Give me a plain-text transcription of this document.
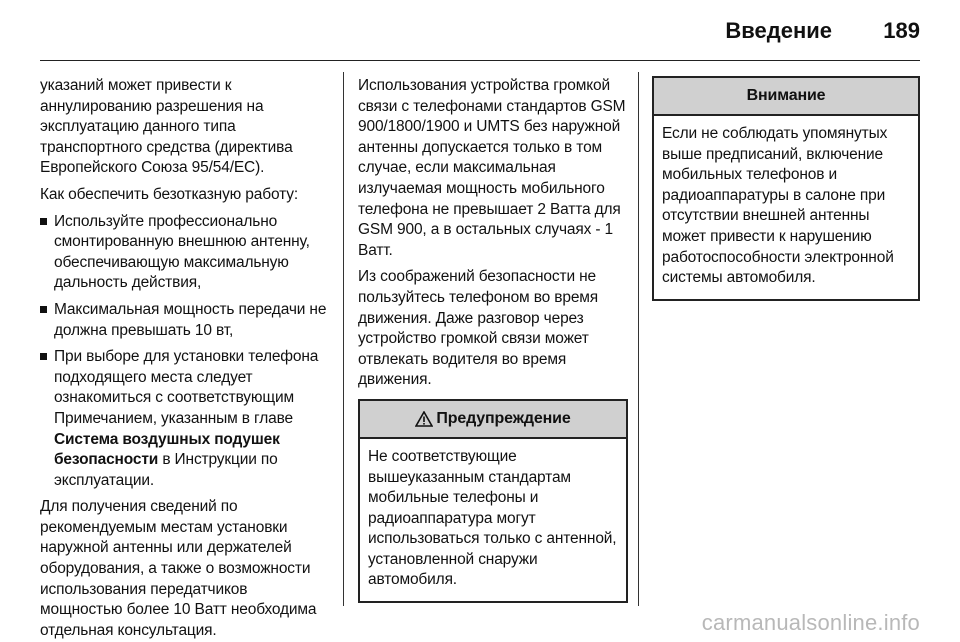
Введение 189

указаний может привести к аннулированию разрешения на эксплуатацию данного типа транспортного средства (директива Европейского Союза 95/54/ЕС).

Как обеспечить безотказную работу:

Используйте профессионально смонтированную внешнюю антенну, обеспечивающую максимальную дальность действия,
Максимальная мощность передачи не должна превышать 10 вт,
При выборе для установки телефона подходящего места следует ознакомиться с соответствующим Примечанием, указанным в главе Система воздушных подушек безопасности в Инструкции по эксплуатации.

Для получения сведений по рекомендуемым местам установки наружной антенны или держателей оборудования, а также о возможности использования передатчиков мощностью более 10 Ватт необходима отдельная консультация.

Использования устройства громкой связи с телефонами стандартов GSM 900/1800/1900 и UMTS без наружной антенны допускается только в том случае, если максимальная излучаемая мощность мобильного телефона не превышает 2 Ватта для GSM 900, а в остальных случаях - 1 Ватт.

Из соображений безопасности не пользуйтесь телефоном во время движения. Даже разговор через устройство громкой связи может отвлекать водителя во время движения.

Предупреждение
Не соответствующие вышеуказанным стандартам мобильные телефоны и радиоаппаратура могут использоваться только с антенной, установленной снаружи автомобиля.
Внимание
Если не соблюдать упомянутых выше предписаний, включение мобильных телефонов и радиоаппаратуры в салоне при отсутствии внешней антенны может привести к нарушению работоспособности электронной системы автомобиля.
carmanualsonline.info
